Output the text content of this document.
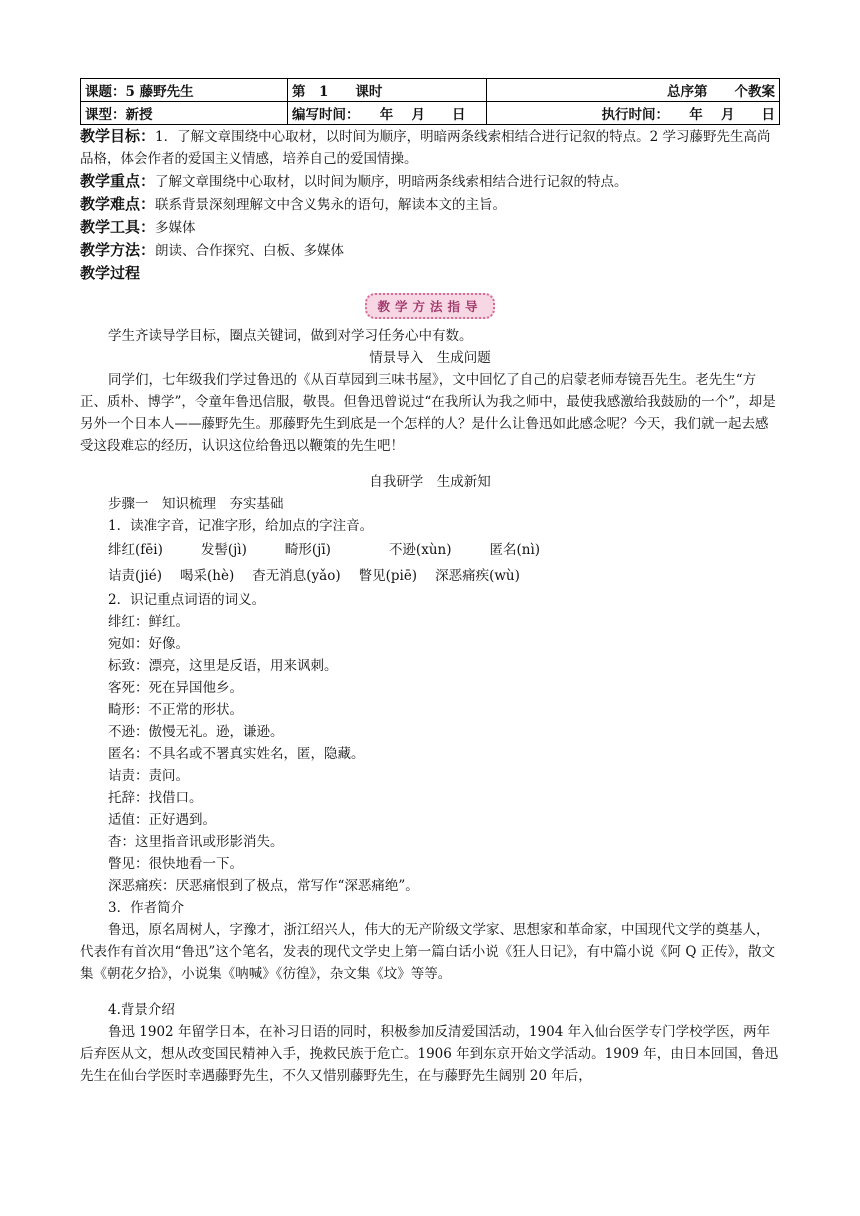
课题：5 藤野先生	第　1　　课时	总序第　　个教案
课型：新授	编写时间：　　年　 月　　日	执行时间：　　年　 月　　日

教学目标：1．了解文章围绕中心取材，以时间为顺序，明暗两条线索相结合进行记叙的特点。2 学习藤野先生高尚品格，体会作者的爱国主义情感，培养自己的爱国情操。

教学重点：了解文章围绕中心取材，以时间为顺序，明暗两条线索相结合进行记叙的特点。

教学难点：联系背景深刻理解文中含义隽永的语句，解读本文的主旨。

教学工具：多媒体

教学方法：朗读、合作探究、白板、多媒体

教学过程

教学方法指导

学生齐读导学目标，圈点关键词，做到对学习任务心中有数。

情景导入　生成问题

同学们，七年级我们学过鲁迅的《从百草园到三味书屋》，文中回忆了自己的启蒙老师寿镜吾先生。老先生“方正、质朴、博学”，令童年鲁迅信服，敬畏。但鲁迅曾说过“在我所认为我之师中，最使我感激给我鼓励的一个”，却是另外一个日本人——藤野先生。那藤野先生到底是一个怎样的人？是什么让鲁迅如此感念呢？今天，我们就一起去感受这段难忘的经历，认识这位给鲁迅以鞭策的先生吧！

自我研学　生成新知

步骤一　知识梳理　夯实基础

1．读准字音，记准字形，给加点的字注音。

绯红(fēi)	发髻(jì)	畸形(jī)	不逊(xùn)	匿名(nì)
诘责(jié) 喝采(hè) 杳无消息(yǎo) 瞥见(piē) 深恶痛疾(wù)

2．识记重点词语的词义。

绯红：鲜红。

宛如：好像。

标致：漂亮，这里是反语，用来讽刺。

客死：死在异国他乡。

畸形：不正常的形状。

不逊：傲慢无礼。逊，谦逊。

匿名：不具名或不署真实姓名，匿，隐藏。

诘责：责问。

托辞：找借口。

适值：正好遇到。

杳：这里指音讯或形影消失。

瞥见：很快地看一下。

深恶痛疾：厌恶痛恨到了极点，常写作“深恶痛绝”。

3．作者简介

鲁迅，原名周树人，字豫才，浙江绍兴人，伟大的无产阶级文学家、思想家和革命家，中国现代文学的奠基人，代表作有首次用“鲁迅”这个笔名，发表的现代文学史上第一篇白话小说《狂人日记》，有中篇小说《阿 Q 正传》，散文集《朝花夕拾》，小说集《呐喊》《彷徨》，杂文集《坟》等等。

4.背景介绍

鲁迅 1902 年留学日本，在补习日语的同时，积极参加反清爱国活动，1904 年入仙台医学专门学校学医，两年后弃医从文，想从改变国民精神入手，挽救民族于危亡。1906 年到东京开始文学活动。1909 年，由日本回国，鲁迅先生在仙台学医时幸遇藤野先生，不久又惜别藤野先生，在与藤野先生阔别 20 年后，
